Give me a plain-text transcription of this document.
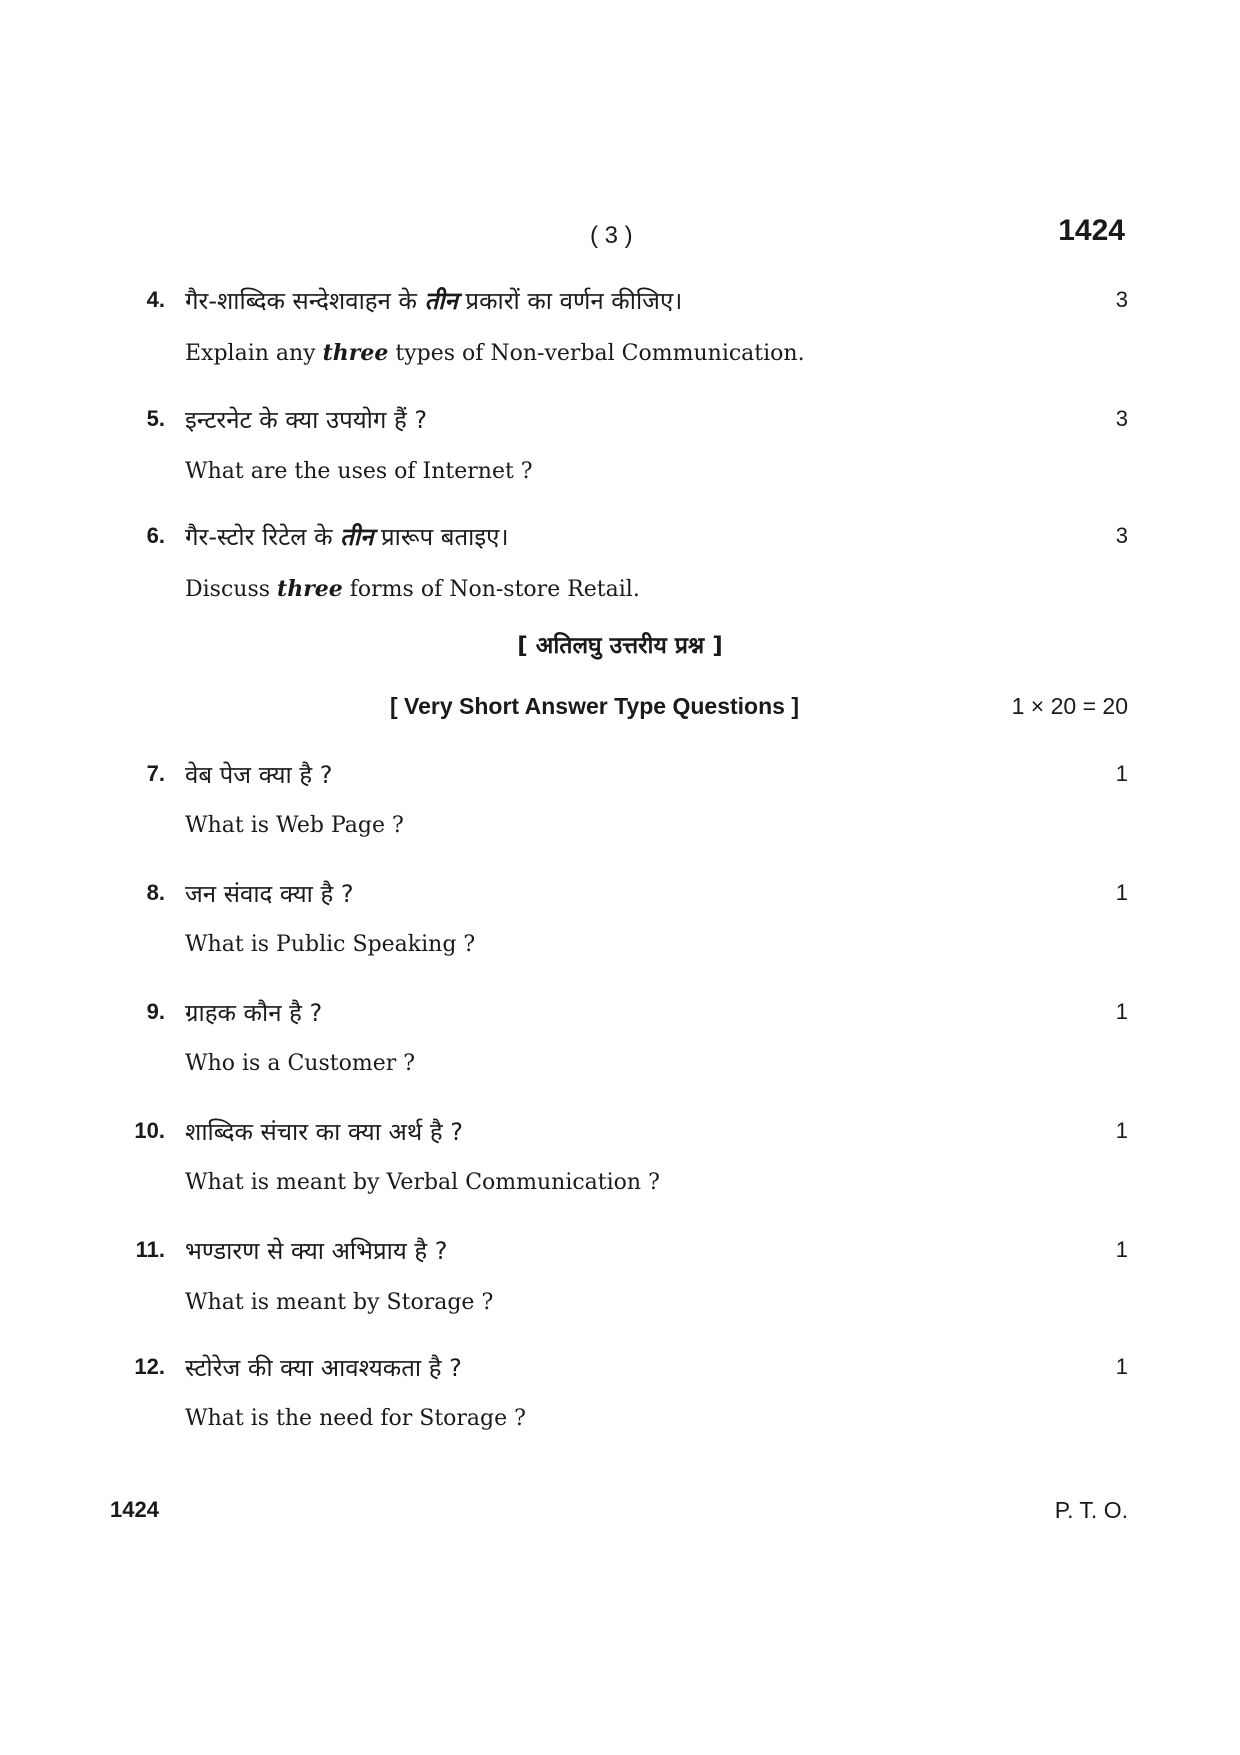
( 3 )	1424
4. गैर-शाब्दिक सन्देशवाहन के तीन प्रकारों का वर्णन कीजिए।	3
Explain any three types of Non-verbal Communication.
5. इन्टरनेट के क्या उपयोग हैं ?	3
What are the uses of Internet ?
6. गैर-स्टोर रिटेल के तीन प्रारूप बताइए।	3
Discuss three forms of Non-store Retail.
[ अतिलघु उत्तरीय प्रश्न ]
[ Very Short Answer Type Questions ]	1 × 20 = 20
7. वेब पेज क्या है ?	1
What is Web Page ?
8. जन संवाद क्या है ?	1
What is Public Speaking ?
9. ग्राहक कौन है ?	1
Who is a Customer ?
10. शाब्दिक संचार का क्या अर्थ है ?	1
What is meant by Verbal Communication ?
11. भण्डारण से क्या अभिप्राय है ?	1
What is meant by Storage ?
12. स्टोरेज की क्या आवश्यकता है ?	1
What is the need for Storage ?
1424	P. T. O.
